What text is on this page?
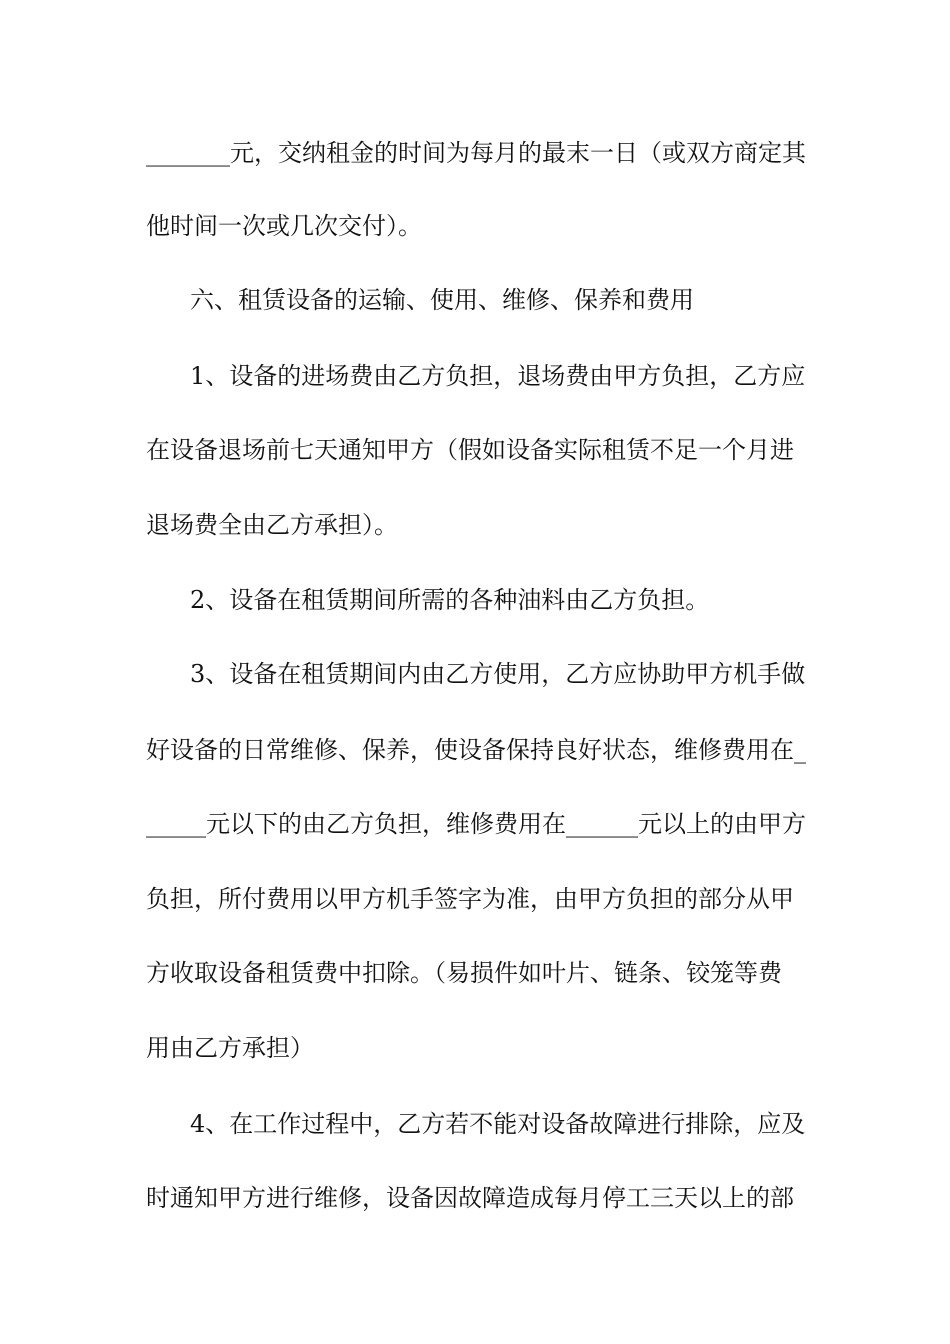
_______元，交纳租金的时间为每月的最末一日（或双方商定其
他时间一次或几次交付）。
六、租赁设备的运输、使用、维修、保养和费用
1、设备的进场费由乙方负担，退场费由甲方负担，乙方应
在设备退场前七天通知甲方（假如设备实际租赁不足一个月进
退场费全由乙方承担）。
2、设备在租赁期间所需的各种油料由乙方负担。
3、设备在租赁期间内由乙方使用，乙方应协助甲方机手做
好设备的日常维修、保养，使设备保持良好状态，维修费用在_
_____元以下的由乙方负担，维修费用在______元以上的由甲方
负担，所付费用以甲方机手签字为准，由甲方负担的部分从甲
方收取设备租赁费中扣除。（易损件如叶片、链条、铰笼等费
用由乙方承担）
4、在工作过程中，乙方若不能对设备故障进行排除，应及
时通知甲方进行维修，设备因故障造成每月停工三天以上的部
